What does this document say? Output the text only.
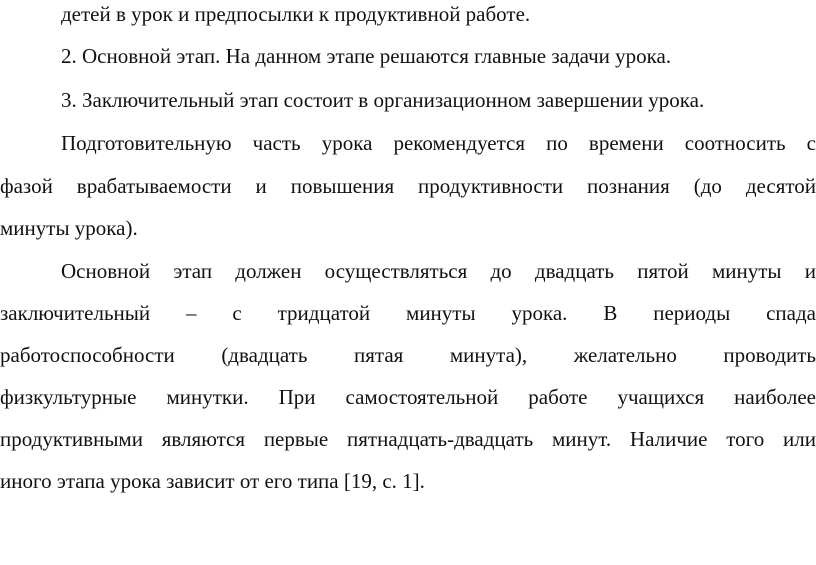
детей в урок и предпосылки к продуктивной работе.
2. Основной этап. На данном этапе решаются главные задачи урока.
3. Заключительный этап состоит в организационном завершении урока.
Подготовительную часть урока рекомендуется по времени соотносить с
фазой врабатываемости и повышения продуктивности познания (до десятой
минуты урока).
Основной этап должен осуществляться до двадцать пятой минуты и
заключительный – с тридцатой минуты урока. В периоды спада
работоспособности (двадцать пятая минута), желательно проводить
физкультурные минутки. При самостоятельной работе учащихся наиболее
продуктивными являются первые пятнадцать-двадцать минут. Наличие того или
иного этапа урока зависит от его типа [19, с. 1].
